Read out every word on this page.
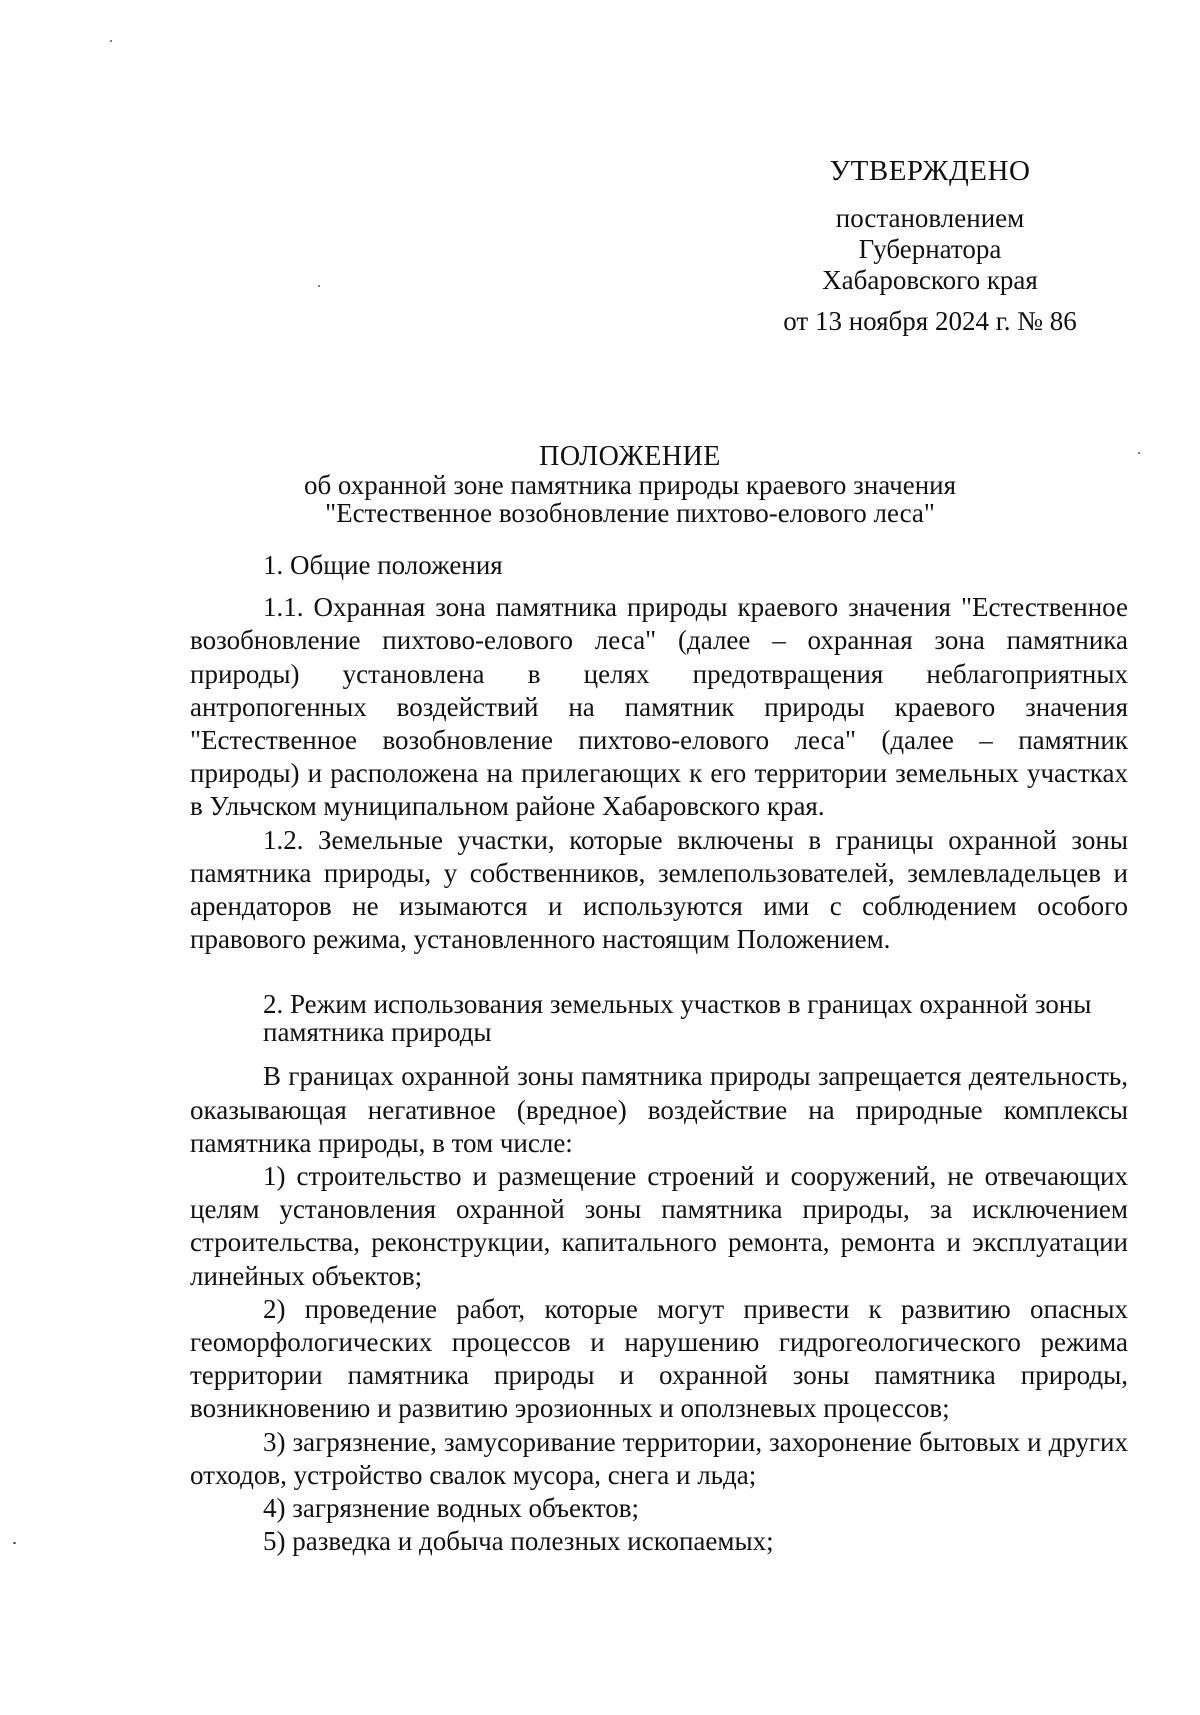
УТВЕРЖДЕНО
постановлением
Губернатора
Хабаровского края
от 13 ноября 2024 г. № 86
ПОЛОЖЕНИЕ
об охранной зоне памятника природы краевого значения
"Естественное возобновление пихтово-елового леса"
1. Общие положения

1.1. Охранная зона памятника природы краевого значения "Естественное возобновление пихтово-елового леса" (далее – охранная зона памятника природы) установлена в целях предотвращения неблагоприятных антропогенных воздействий на памятник природы краевого значения "Естественное возобновление пихтово-елового леса" (далее – памятник природы) и расположена на прилегающих к его территории земельных участках в Ульчском муниципальном районе Хабаровского края.

1.2. Земельные участки, которые включены в границы охранной зоны памятника природы, у собственников, землепользователей, землевладельцев и арендаторов не изымаются и используются ими с соблюдением особого правового режима, установленного настоящим Положением.

2. Режим использования земельных участков в границах охранной зоны
памятника природы

В границах охранной зоны памятника природы запрещается деятельность, оказывающая негативное (вредное) воздействие на природные комплексы памятника природы, в том числе:

1) строительство и размещение строений и сооружений, не отвечающих целям установления охранной зоны памятника природы, за исключением строительства, реконструкции, капитального ремонта, ремонта и эксплуатации линейных объектов;

2) проведение работ, которые могут привести к развитию опасных геоморфологических процессов и нарушению гидрогеологического режима территории памятника природы и охранной зоны памятника природы, возникновению и развитию эрозионных и оползневых процессов;

3) загрязнение, замусоривание территории, захоронение бытовых и других отходов, устройство свалок мусора, снега и льда;

4) загрязнение водных объектов;

5) разведка и добыча полезных ископаемых;
